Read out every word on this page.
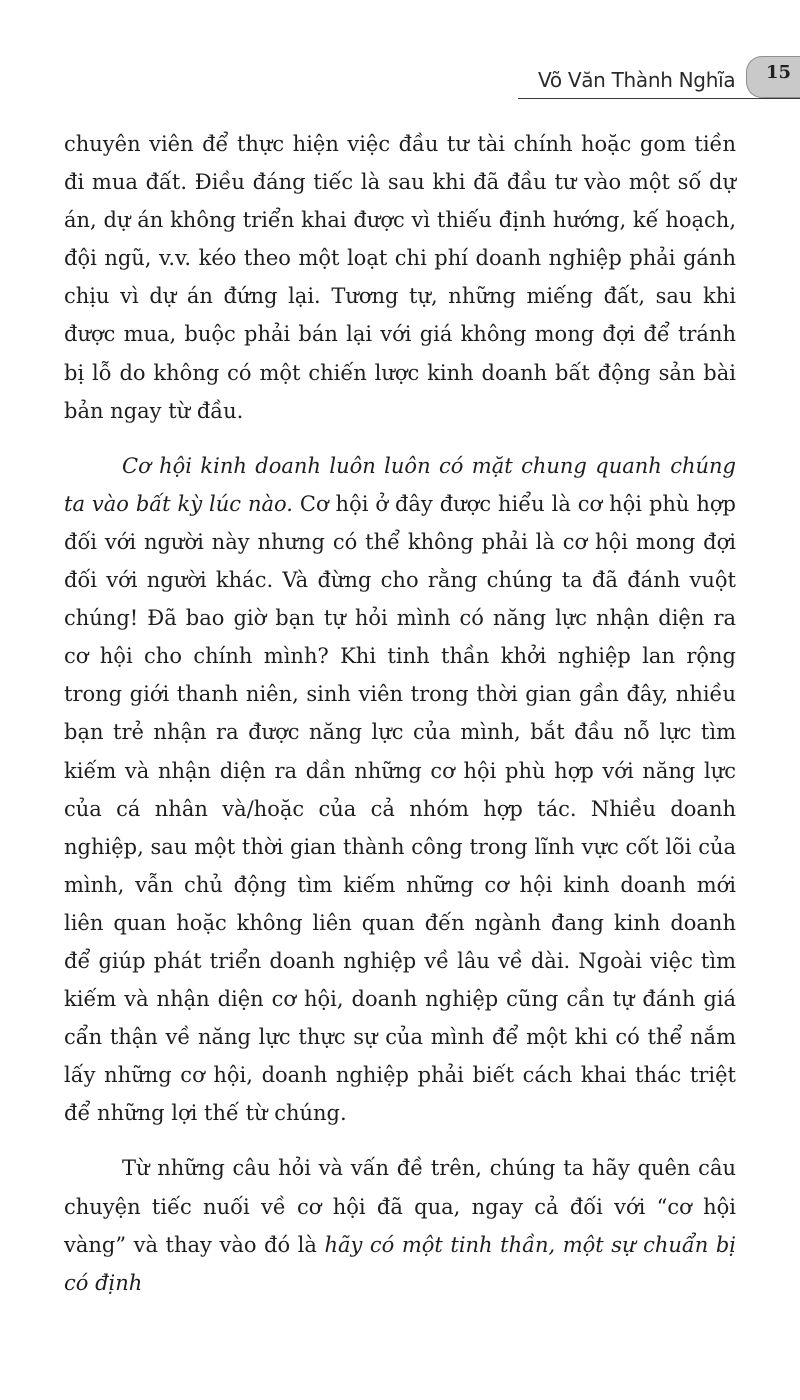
Võ Văn Thành Nghĩa 15

chuyên viên để thực hiện việc đầu tư tài chính hoặc gom tiền đi mua đất. Điều đáng tiếc là sau khi đã đầu tư vào một số dự án, dự án không triển khai được vì thiếu định hướng, kế hoạch, đội ngũ, v.v. kéo theo một loạt chi phí doanh nghiệp phải gánh chịu vì dự án đứng lại. Tương tự, những miếng đất, sau khi được mua, buộc phải bán lại với giá không mong đợi để tránh bị lỗ do không có một chiến lược kinh doanh bất động sản bài bản ngay từ đầu.

Cơ hội kinh doanh luôn luôn có mặt chung quanh chúng ta vào bất kỳ lúc nào. Cơ hội ở đây được hiểu là cơ hội phù hợp đối với người này nhưng có thể không phải là cơ hội mong đợi đối với người khác. Và đừng cho rằng chúng ta đã đánh vuột chúng! Đã bao giờ bạn tự hỏi mình có năng lực nhận diện ra cơ hội cho chính mình? Khi tinh thần khởi nghiệp lan rộng trong giới thanh niên, sinh viên trong thời gian gần đây, nhiều bạn trẻ nhận ra được năng lực của mình, bắt đầu nỗ lực tìm kiếm và nhận diện ra dần những cơ hội phù hợp với năng lực của cá nhân và/hoặc của cả nhóm hợp tác. Nhiều doanh nghiệp, sau một thời gian thành công trong lĩnh vực cốt lõi của mình, vẫn chủ động tìm kiếm những cơ hội kinh doanh mới liên quan hoặc không liên quan đến ngành đang kinh doanh để giúp phát triển doanh nghiệp về lâu về dài. Ngoài việc tìm kiếm và nhận diện cơ hội, doanh nghiệp cũng cần tự đánh giá cẩn thận về năng lực thực sự của mình để một khi có thể nắm lấy những cơ hội, doanh nghiệp phải biết cách khai thác triệt để những lợi thế từ chúng.

Từ những câu hỏi và vấn đề trên, chúng ta hãy quên câu chuyện tiếc nuối về cơ hội đã qua, ngay cả đối với “cơ hội vàng” và thay vào đó là hãy có một tinh thần, một sự chuẩn bị có định
